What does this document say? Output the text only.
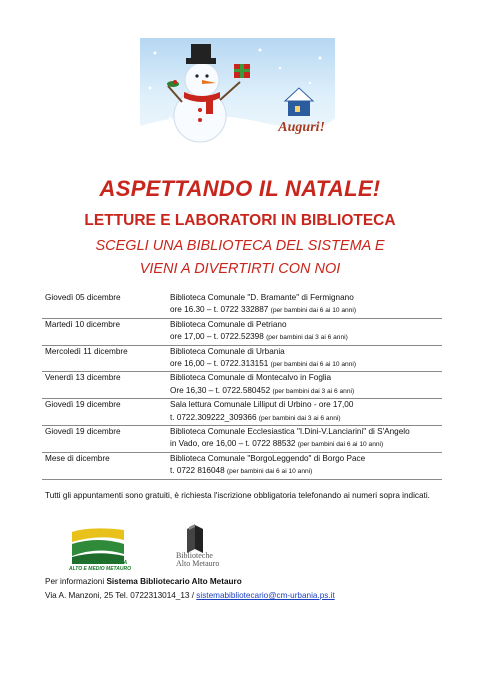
Auguri!
ASPETTANDO IL NATALE!
LETTURE E LABORATORI IN BIBLIOTECA
SCEGLI UNA BIBLIOTECA DEL SISTEMA E
VIENI A DIVERTIRTI CON NOI
Giovedì 05 dicembre	Biblioteca Comunale "D. Bramante" di Fermignano
	ore 16.30 – t. 0722 332887 (per bambini dai 6 ai 10 anni)
Martedì 10 dicembre	Biblioteca Comunale di Petriano
	ore 17,00 – t. 0722.52398 (per bambini dai 3 ai 6 anni)
Mercoledì 11 dicembre	Biblioteca Comunale di Urbania
	ore 16,00 – t. 0722.313151 (per bambini dai 6 ai 10 anni)
Venerdì 13 dicembre	Biblioteca Comunale di Montecalvo in Foglia
	Ore 16,30 – t. 0722.580452 (per bambini dai 3 ai 6 anni)
Giovedì 19 dicembre	Sala lettura Comunale Lilliput di Urbino - ore 17,00
	t. 0722.309222_309366 (per bambini dai 3 ai 6 anni)
Giovedì 19 dicembre	Biblioteca Comunale Ecclesiastica "I.Dini-V.Lanciarini" di S'Angelo
	in Vado, ore 16,00 – t. 0722 88532 (per bambini dai 6 ai 10 anni)
Mese di dicembre	Biblioteca Comunale "BorgoLeggendo" di Borgo Pace
	t. 0722 816048 (per bambini dai 6 ai 10 anni)
Tutti gli appuntamenti sono gratuiti, è richiesta l'iscrizione obbligatoria telefonando ai numeri sopra indicati.
COMUNITA' MONTANA
ALTO E MEDIO METAURO
Biblioteche
Alto Metauro
Per informazioni Sistema Bibliotecario Alto Metauro
Via A. Manzoni, 25 Tel. 0722313014_13 / sistemabibliotecario@cm-urbania.ps.it
